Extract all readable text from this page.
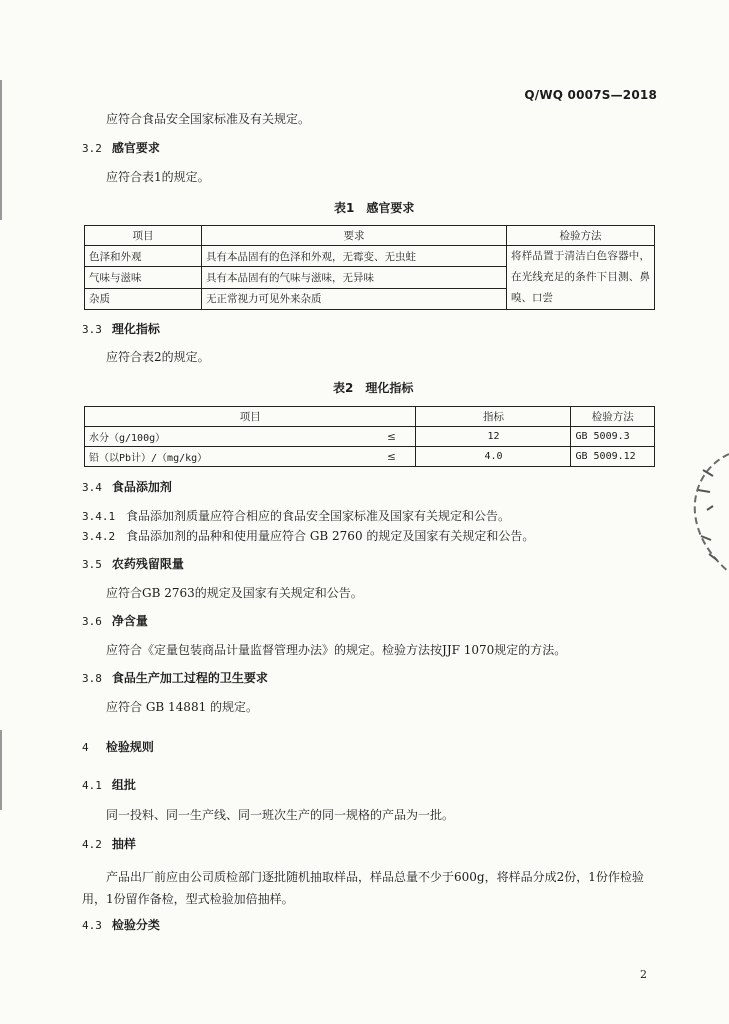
Q/WQ 0007S—2018
应符合食品安全国家标准及有关规定。
3.2 感官要求
应符合表1的规定。
表1　感官要求
项目	要求	检验方法
色泽和外观	具有本品固有的色泽和外观，无霉变、无虫蛀	将样品置于清洁白色容器中，在光线充足的条件下目测、鼻嗅、口尝
气味与滋味	具有本品固有的气味与滋味，无异味	
杂质	无正常视力可见外来杂质	
3.3 理化指标
应符合表2的规定。
表2　理化指标
项目		指标	检验方法
水分（g/100g）	≤	12	GB 5009.3
铅（以Pb计）/（mg/kg）	≤	4.0	GB 5009.12
3.4 食品添加剂
3.4.1 食品添加剂质量应符合相应的食品安全国家标准及国家有关规定和公告。
3.4.2 食品添加剂的品种和使用量应符合 GB 2760 的规定及国家有关规定和公告。
3.5 农药残留限量
应符合GB 2763的规定及国家有关规定和公告。
3.6 净含量
应符合《定量包装商品计量监督管理办法》的规定。检验方法按JJF 1070规定的方法。
3.8 食品生产加工过程的卫生要求
应符合 GB 14881 的规定。
4 检验规则
4.1 组批
同一投料、同一生产线、同一班次生产的同一规格的产品为一批。
4.2 抽样
产品出厂前应由公司质检部门逐批随机抽取样品，样品总量不少于600g，将样品分成2份，1份作检验用，1份留作备检，型式检验加倍抽样。
4.3 检验分类
2
